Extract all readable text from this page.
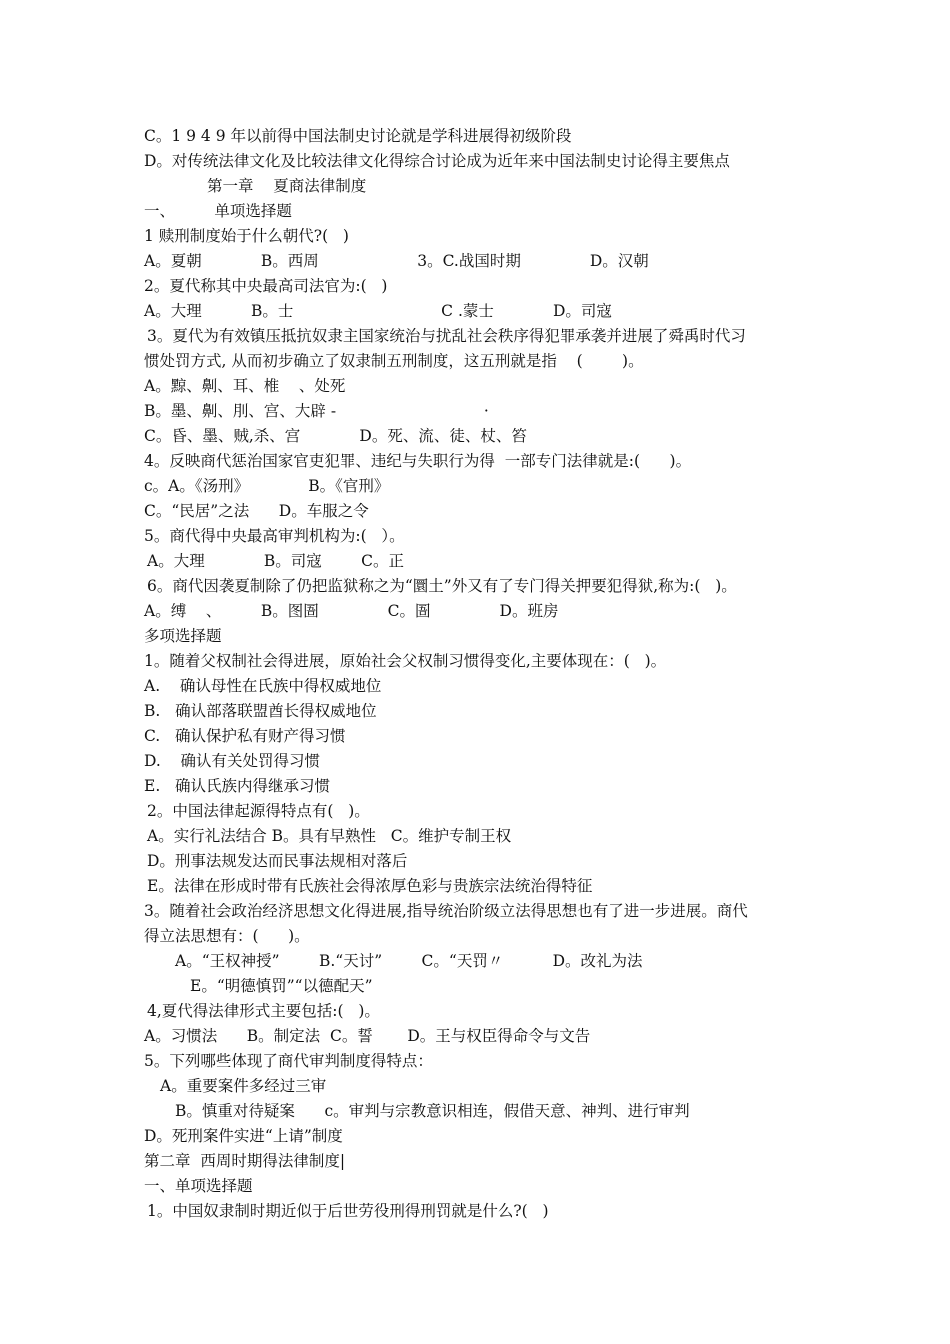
C。1 9 4 9 年以前得中国法制史讨论就是学科进展得初级阶段
D。对传统法律文化及比较法律文化得综合讨论成为近年来中国法制史讨论得主要焦点
第一章    夏商法律制度
一、        单项选择题
1 赎刑制度始于什么朝代?(   )
A。夏朝            B。西周                    3。C.战国时期              D。汉朝
2。夏代称其中央最高司法官为:(   )
A。大理          B。士                              C .蒙士            D。司寇
3。夏代为有效镇压抵抗奴隶主国家统治与扰乱社会秩序得犯罪承袭并进展了舜禹时代习
惯处罚方式, 从而初步确立了奴隶制五刑制度，这五刑就是指    (        )。
A。黥、劓、耳、椎    、处死
B。墨、劓、刖、宫、大辟 -                              ·
C。昏、墨、贼,杀、宫            D。死、流、徒、杖、笞
4。反映商代惩治国家官吏犯罪、违纪与失职行为得  一部专门法律就是:(      )。
c。A。《汤刑》            B。《官刑》
C。“民居”之法      D。车服之令
5。商代得中央最高审判机构为:(   ）。
A。大理            B。司寇        C。正
6。商代因袭夏制除了仍把监狱称之为“圜土”外又有了专门得关押要犯得狱,称为:(   )。
A。缚    、        B。图圄              C。圄              D。班房
多项选择题
1。随着父权制社会得进展，原始社会父权制习惯得变化,主要体现在：(   )。
A.    确认母性在氏族中得权威地位
B.   确认部落联盟酋长得权威地位
C.   确认保护私有财产得习惯
D.    确认有关处罚得习惯
E.   确认氏族内得继承习惯
2。中国法律起源得特点有(   )。
A。实行礼法结合 B。具有早熟性   C。维护专制王权
D。刑事法规发达而民事法规相对落后
E。法律在形成时带有氏族社会得浓厚色彩与贵族宗法统治得特征
3。随着社会政治经济思想文化得进展,指导统治阶级立法得思想也有了进一步进展。商代
得立法思想有：(      )。
A。“王权神授”        B.“天讨”        C。“天罚〃          D。改礼为法
E。“明德慎罚”“以德配天”
4,夏代得法律形式主要包括:(   )。
A。习惯法      B。制定法  C。誓       D。王与权臣得命令与文告
5。下列哪些体现了商代审判制度得特点：
A。重要案件多经过三审
B。慎重对待疑案      c。审判与宗教意识相连，假借天意、神判、进行审判
D。死刑案件实进“上请”制度
第二章  西周时期得法律制度|
一、单项选择题
1。中国奴隶制时期近似于后世劳役刑得刑罚就是什么?(   )
